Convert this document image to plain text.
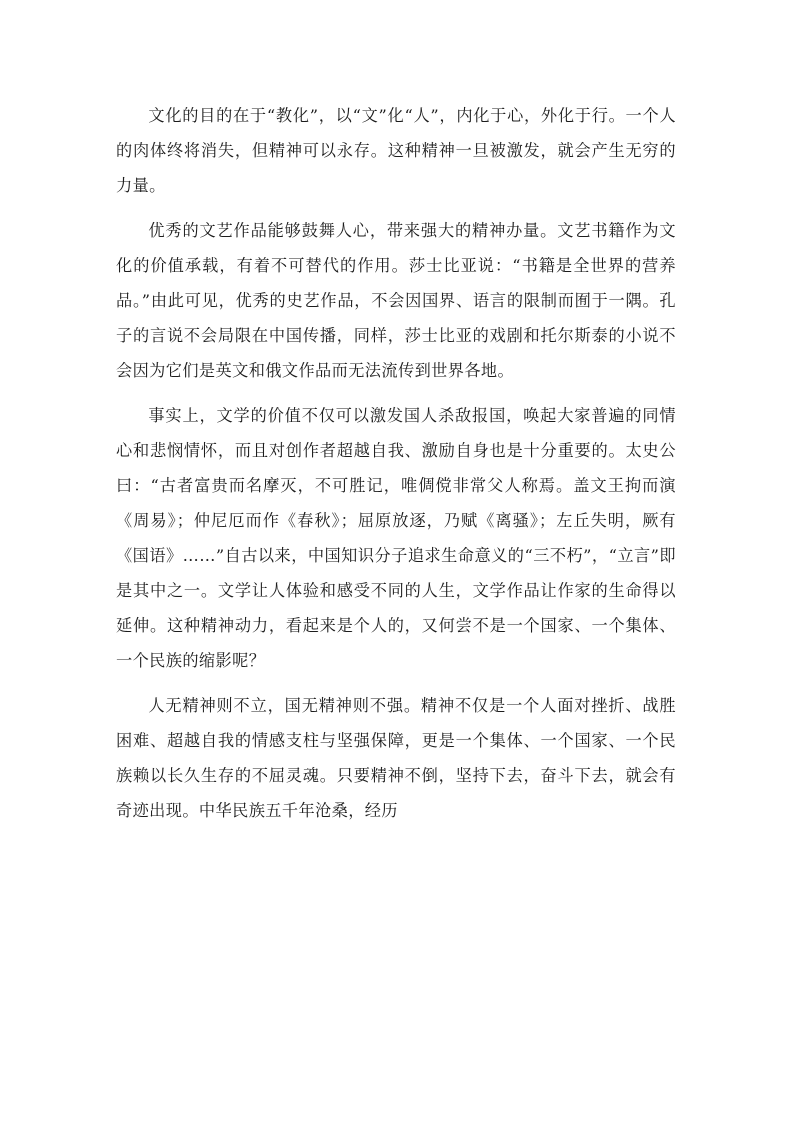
文化的目的在于“教化”，以“文”化“人”，内化于心，外化于行。一个人的肉体终将消失，但精神可以永存。这种精神一旦被激发，就会产生无穷的力量。

优秀的文艺作品能够鼓舞人心，带来强大的精神办量。文艺书籍作为文化的价值承载，有着不可替代的作用。莎士比亚说：“书籍是全世界的营养品。”由此可见，优秀的史艺作品，不会因国界、语言的限制而囿于一隅。孔子的言说不会局限在中国传播，同样，莎士比亚的戏剧和托尔斯泰的小说不会因为它们是英文和俄文作品而无法流传到世界各地。

事实上，文学的价值不仅可以激发国人杀敌报国，唤起大家普遍的同情心和悲悯情怀，而且对创作者超越自我、激励自身也是十分重要的。太史公曰：“古者富贵而名摩灭，不可胜记，唯倜傥非常父人称焉。盖文王拘而演《周易》；仲尼厄而作《春秋》；屈原放逐，乃赋《离骚》；左丘失明，厥有《国语》……”自古以来，中国知识分子追求生命意义的“三不朽”，“立言”即是其中之一。文学让人体验和感受不同的人生，文学作品让作家的生命得以延伸。这种精神动力，看起来是个人的，又何尝不是一个国家、一个集体、一个民族的缩影呢？

人无精神则不立，国无精神则不强。精神不仅是一个人面对挫折、战胜困难、超越自我的情感支柱与坚强保障，更是一个集体、一个国家、一个民族赖以长久生存的不屈灵魂。只要精神不倒，坚持下去，奋斗下去，就会有奇迹出现。中华民族五千年沧桑，经历
